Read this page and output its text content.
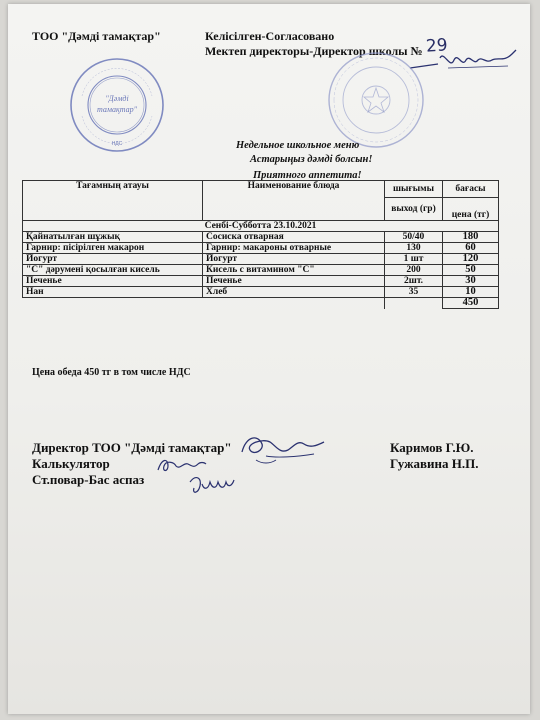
ТОО "Дәмді тамақтар"	Келісілген-Согласовано
Мектеп директоры-Директор школы № 29
"Дәмді
тамақтар"
НДС	Недельное школьное меню
Астарыңыз дәмді болсын!
Приятного аппетита!
Тағамның атауы	Наименование блюда	шығымы	бағасы
		выход (гр)	цена (тг)
Сенбі-Субботта 23.10.2021			
Қайнатылған шұжық	Сосиска отварная	50/40	180
Гарнир: пісірілген макарон	Гарнир: макароны отварные	130	60
Йогурт	Йогурт	1 шт	120
"С" дәрумені қосылған кисель	Кисель с витамином "С"	200	50
Печенье	Печенье	2шт.	30
Нан	Хлеб	35	10
			450
Цена обеда 450 тг в том числе НДС
Директор ТОО "Дәмді тамақтар"
Калькулятор
Ст.повар-Бас аспаз
Каримов Г.Ю.
Гужавина Н.П.
